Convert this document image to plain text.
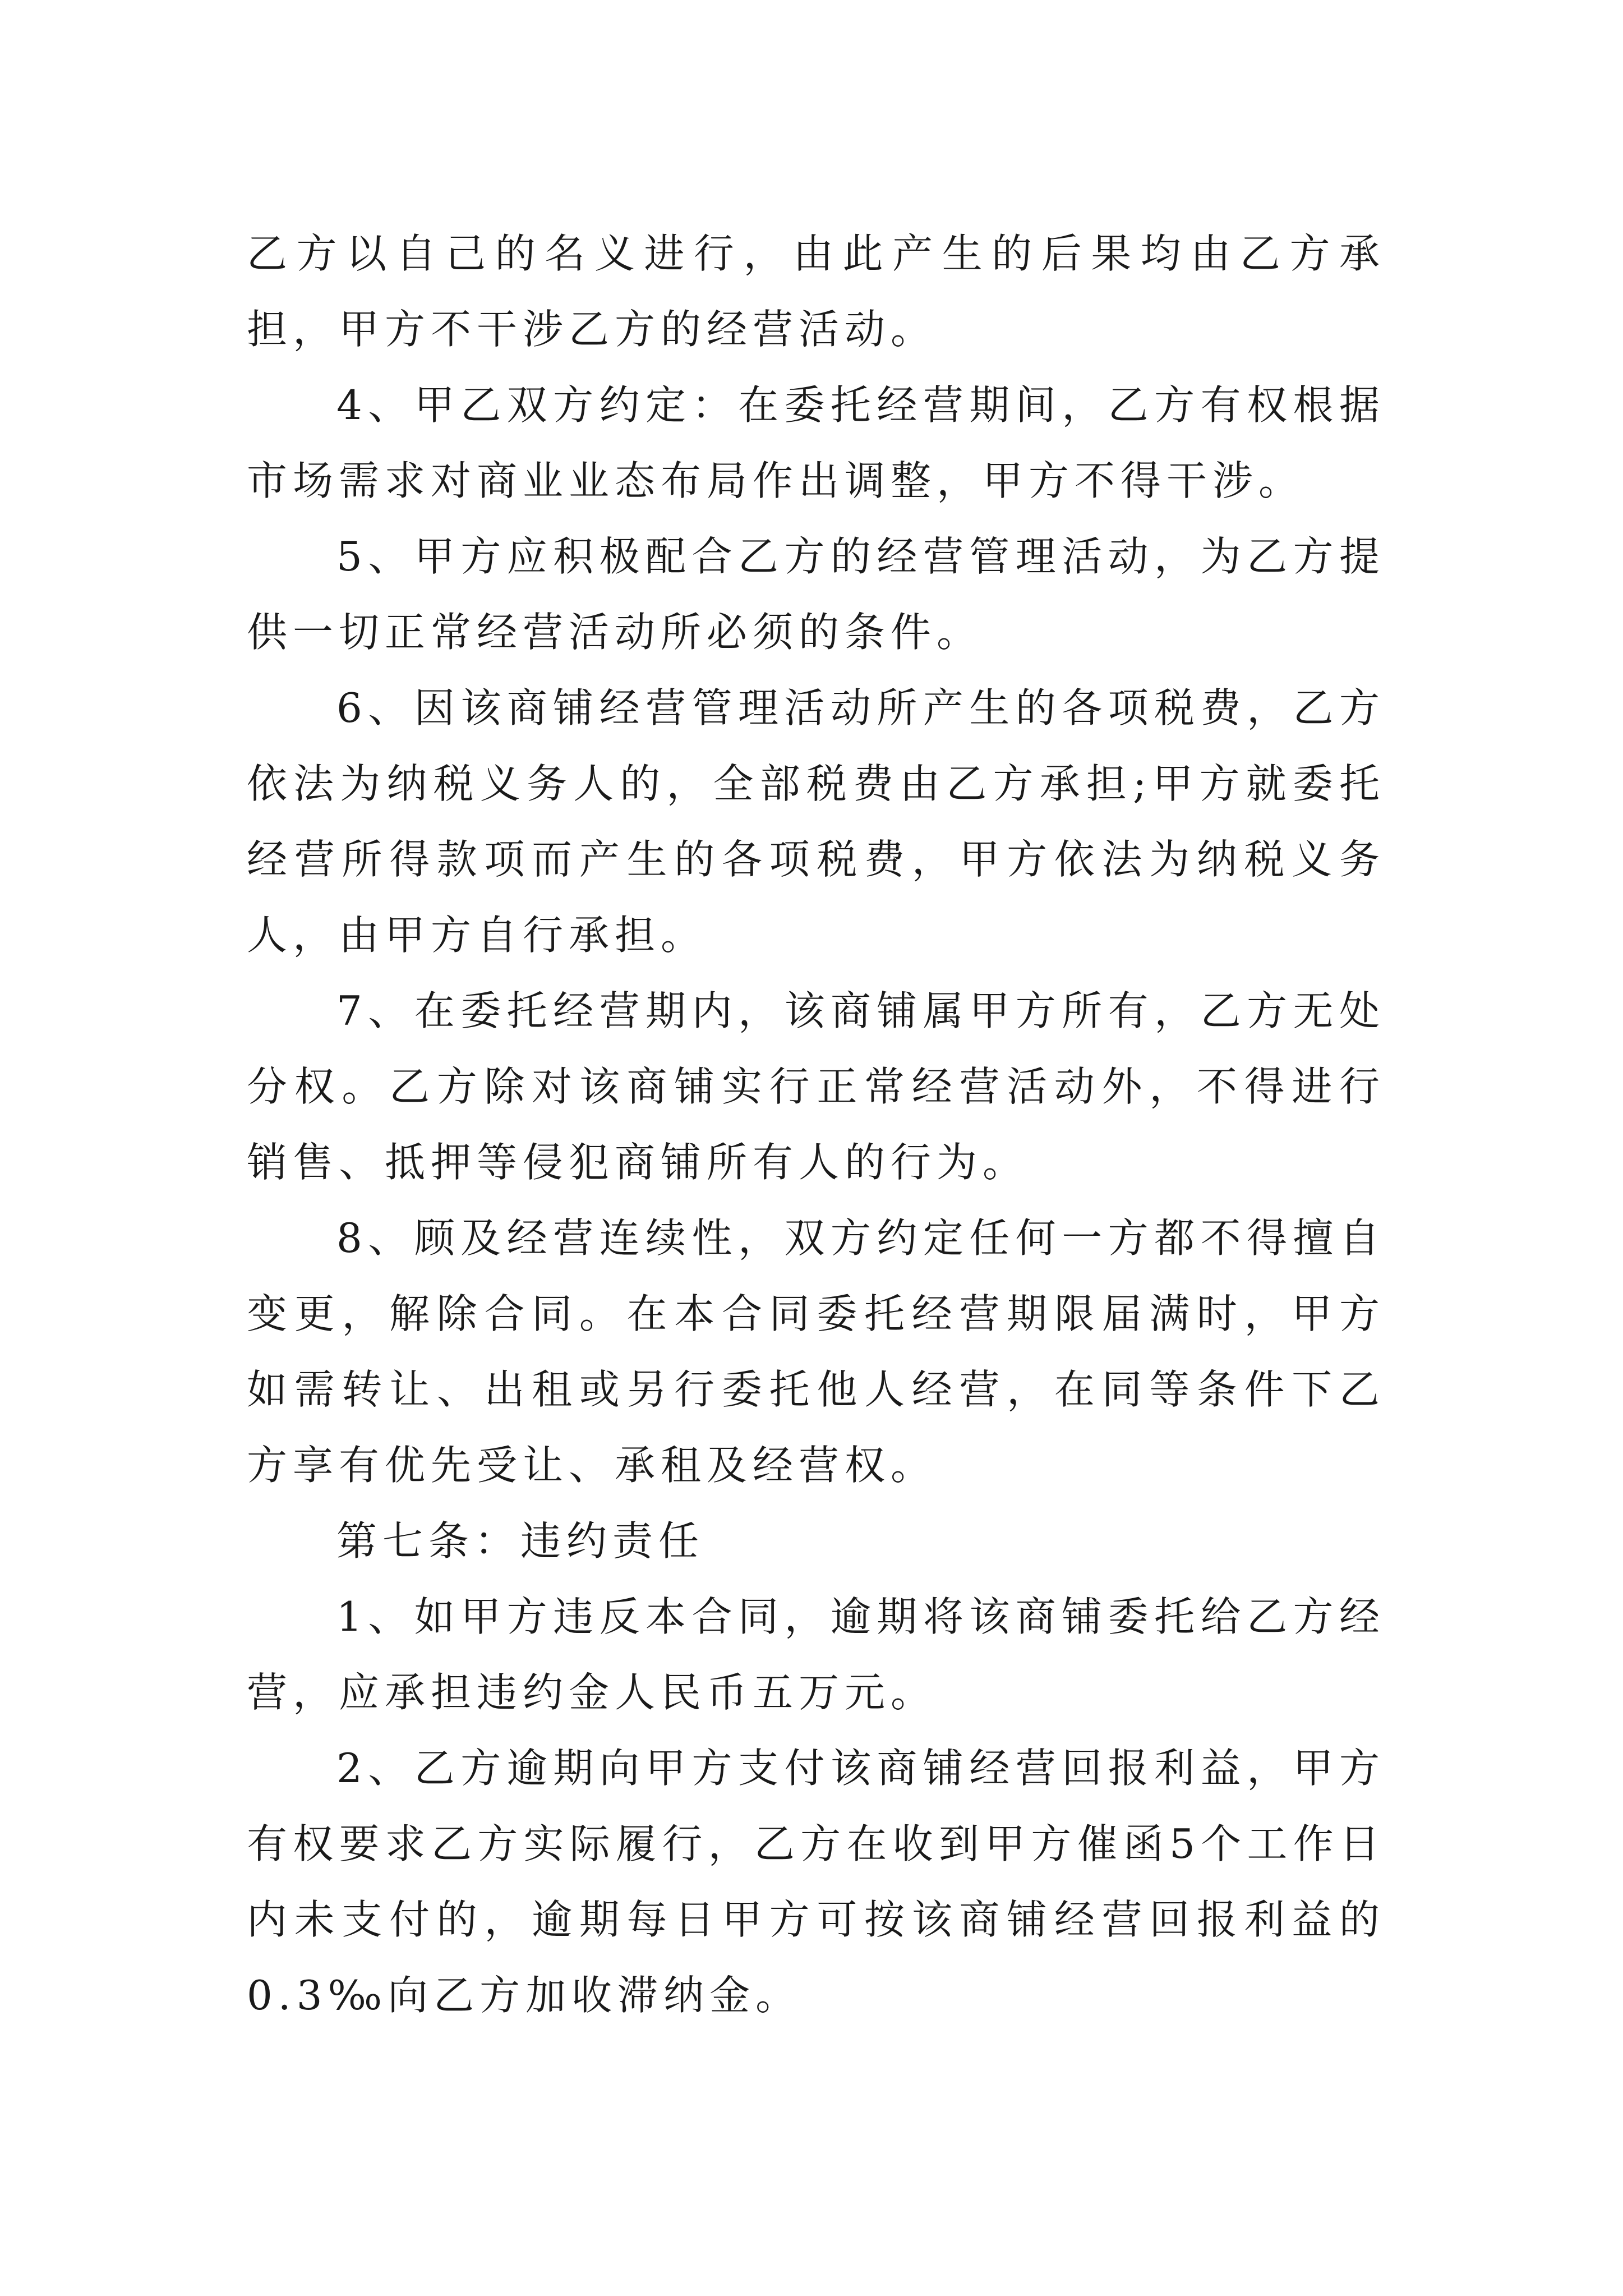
乙方以自己的名义进行，由此产生的后果均由乙方承担，甲方不干涉乙方的经营活动。

4、甲乙双方约定：在委托经营期间，乙方有权根据市场需求对商业业态布局作出调整，甲方不得干涉。

5、甲方应积极配合乙方的经营管理活动，为乙方提供一切正常经营活动所必须的条件。

6、因该商铺经营管理活动所产生的各项税费，乙方依法为纳税义务人的，全部税费由乙方承担;甲方就委托经营所得款项而产生的各项税费，甲方依法为纳税义务人，由甲方自行承担。

7、在委托经营期内，该商铺属甲方所有，乙方无处分权。乙方除对该商铺实行正常经营活动外，不得进行销售、抵押等侵犯商铺所有人的行为。

8、顾及经营连续性，双方约定任何一方都不得擅自变更，解除合同。在本合同委托经营期限届满时，甲方如需转让、出租或另行委托他人经营，在同等条件下乙方享有优先受让、承租及经营权。

第七条：违约责任

1、如甲方违反本合同，逾期将该商铺委托给乙方经营，应承担违约金人民币五万元。

2、乙方逾期向甲方支付该商铺经营回报利益，甲方有权要求乙方实际履行，乙方在收到甲方催函5个工作日内未支付的，逾期每日甲方可按该商铺经营回报利益的0.3‰向乙方加收滞纳金。
